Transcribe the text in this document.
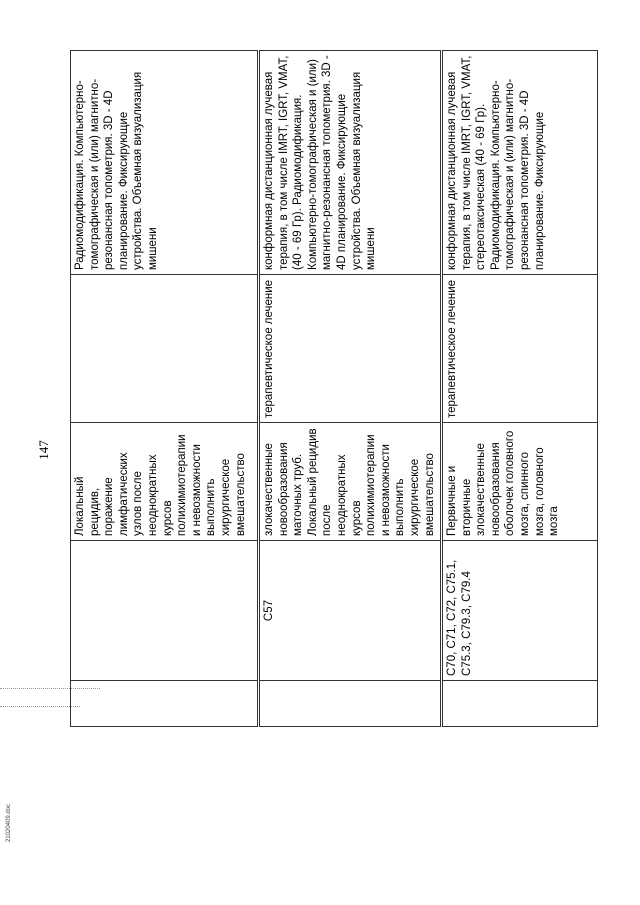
147
21020409.doc
		Локальный рецидив, поражение лимфатических узлов после неоднократных курсов полихимиотерапии и невозможности выполнить хирургическое вмешательство		Радиомодификация. Компьютерно-томографическая и (или) магнитно-резонансная топометрия. 3D - 4D планирование. Фиксирующие устройства. Объемная визуализация мишени
	C57	злокачественные новообразования маточных труб. Локальный рецидив после неоднократных курсов полихимиотерапии и невозможности выполнить хирургическое вмешательство	терапевтическое лечение	конформная дистанционная лучевая терапия, в том числе IMRT, IGRT, VMAT, (40 - 69 Гр). Радиомодификация. Компьютерно-томографическая и (или) магнитно-резонансная топометрия. 3D - 4D планирование. Фиксирующие устройства. Объемная визуализация мишени
	C70, C71, C72, C75.1, C75.3, C79.3, C79.4	Первичные и вторичные злокачественные новообразования оболочек головного мозга, спинного мозга, головного мозга	терапевтическое лечение	конформная дистанционная лучевая терапия, в том числе IMRT, IGRT, VMAT, стереотаксическая (40 - 69 Гр). Радиомодификация. Компьютерно-томографическая и (или) магнитно-резонансная топометрия. 3D - 4D планирование. Фиксирующие
